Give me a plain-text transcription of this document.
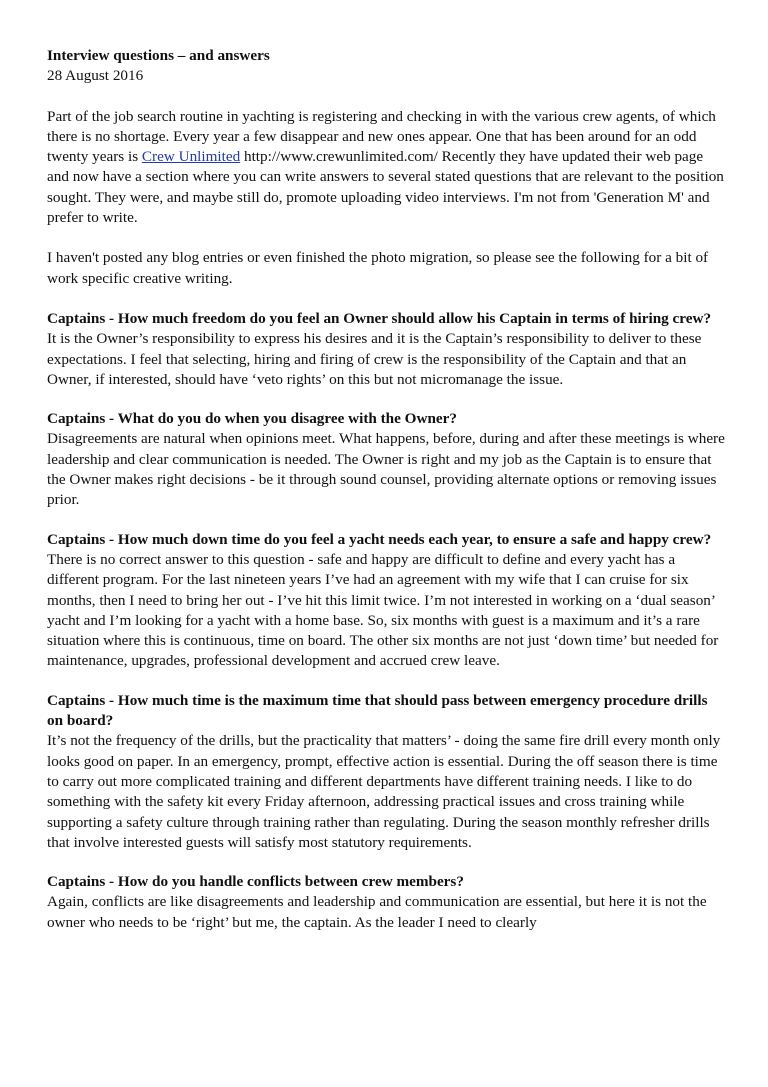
Interview questions – and answers
28 August 2016

Part of the job search routine in yachting is registering and checking in with the various crew agents, of which there is no shortage. Every year a few disappear and new ones appear. One that has been around for an odd twenty years is Crew Unlimited http://www.crewunlimited.com/ Recently they have updated their web page and now have a section where you can write answers to several stated questions that are relevant to the position sought. They were, and maybe still do, promote uploading video interviews. I'm not from 'Generation M' and prefer to write.

I haven't posted any blog entries or even finished the photo migration, so please see the following for a bit of work specific creative writing.

Captains - How much freedom do you feel an Owner should allow his Captain in terms of hiring crew?
It is the Owner’s responsibility to express his desires and it is the Captain’s responsibility to deliver to these expectations. I feel that selecting, hiring and firing of crew is the responsibility of the Captain and that an Owner, if interested, should have ‘veto rights’ on this but not micromanage the issue.
Captains - What do you do when you disagree with the Owner?
Disagreements are natural when opinions meet. What happens, before, during and after these meetings is where leadership and clear communication is needed. The Owner is right and my job as the Captain is to ensure that the Owner makes right decisions - be it through sound counsel, providing alternate options or removing issues prior.
Captains - How much down time do you feel a yacht needs each year, to ensure a safe and happy crew?
There is no correct answer to this question - safe and happy are difficult to define and every yacht has a different program. For the last nineteen years I’ve had an agreement with my wife that I can cruise for six months, then I need to bring her out - I’ve hit this limit twice. I’m not interested in working on a ‘dual season’ yacht and I’m looking for a yacht with a home base. So, six months with guest is a maximum and it’s a rare situation where this is continuous, time on board. The other six months are not just ‘down time’ but needed for maintenance, upgrades, professional development and accrued crew leave.
Captains - How much time is the maximum time that should pass between emergency procedure drills on board?
It’s not the frequency of the drills, but the practicality that matters’ - doing the same fire drill every month only looks good on paper. In an emergency, prompt, effective action is essential. During the off season there is time to carry out more complicated training and different departments have different training needs. I like to do something with the safety kit every Friday afternoon, addressing practical issues and cross training while supporting a safety culture through training rather than regulating. During the season monthly refresher drills that involve interested guests will satisfy most statutory requirements.
Captains - How do you handle conflicts between crew members?
Again, conflicts are like disagreements and leadership and communication are essential, but here it is not the owner who needs to be ‘right’ but me, the captain. As the leader I need to clearly
